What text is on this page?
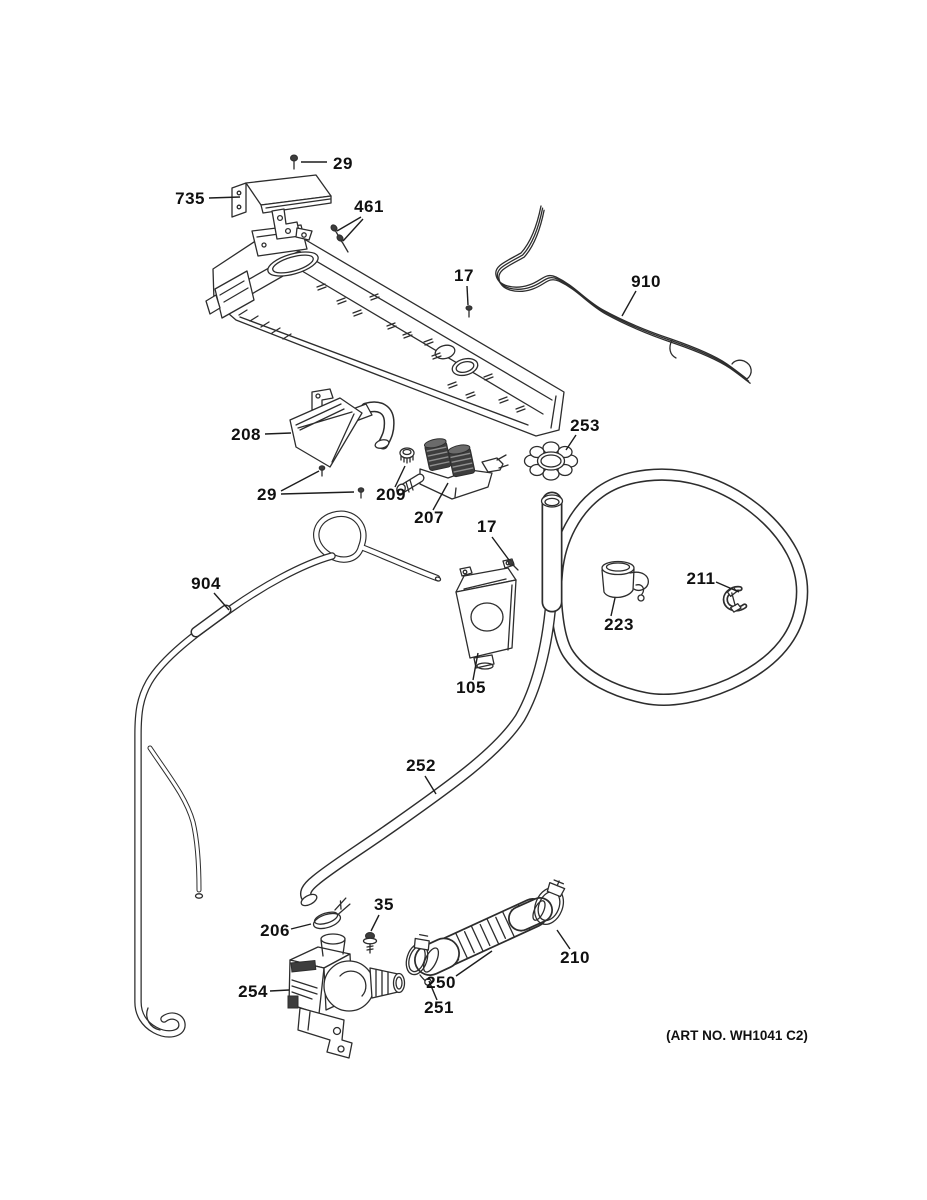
29
735	461
17	910
208	253
29	209
207 17
904
223
211
105
252
206
35
254
251
250
210
(ART NO. WH1041 C2)
